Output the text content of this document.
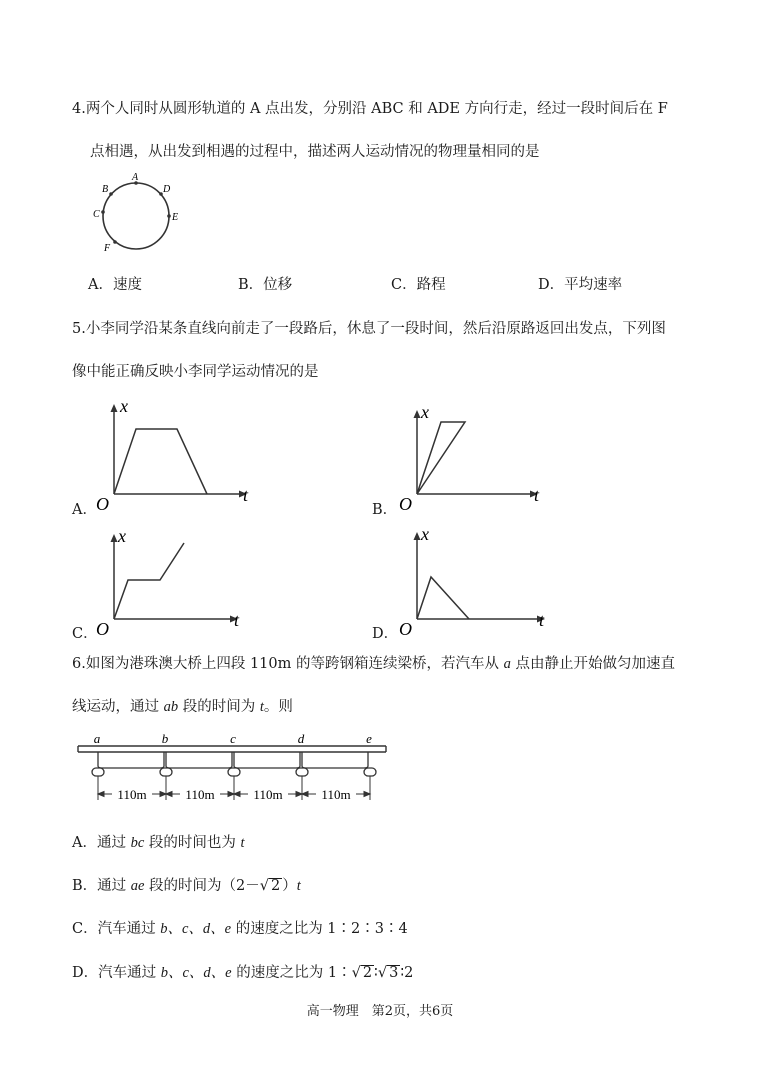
4.两个人同时从圆形轨道的 A 点出发，分别沿 ABC 和 ADE 方向行走，经过一段时间后在 F
点相遇，从出发到相遇的过程中，描述两人运动情况的物理量相同的是
A
B
C
D
E
F
A．速度	B．位移	C．路程	D．平均速率
5.小李同学沿某条直线向前走了一段路后，休息了一段时间，然后沿原路返回出发点，下列图
像中能正确反映小李同学运动情况的是
A．
x
t
O	B．
x
t
O
C．
x
t
O	D．
x
t
O
6.如图为港珠澳大桥上四段 110m 的等跨钢箱连续梁桥，若汽车从 a 点由静止开始做匀加速直
线运动，通过 ab 段的时间为 t。则
110m	110m	110m	110m
a	b	c	d	e
A．通过 bc 段的时间也为 t
B．通过 ae 段的时间为（2－√ 2 ）t
C．汽车通过 b、c、d、e 的速度之比为 1∶2∶3∶4
D．汽车通过 b、c、d、e 的速度之比为 1∶√ 2 ∶√ 3 ∶2
高一物理　第2页，共6页
